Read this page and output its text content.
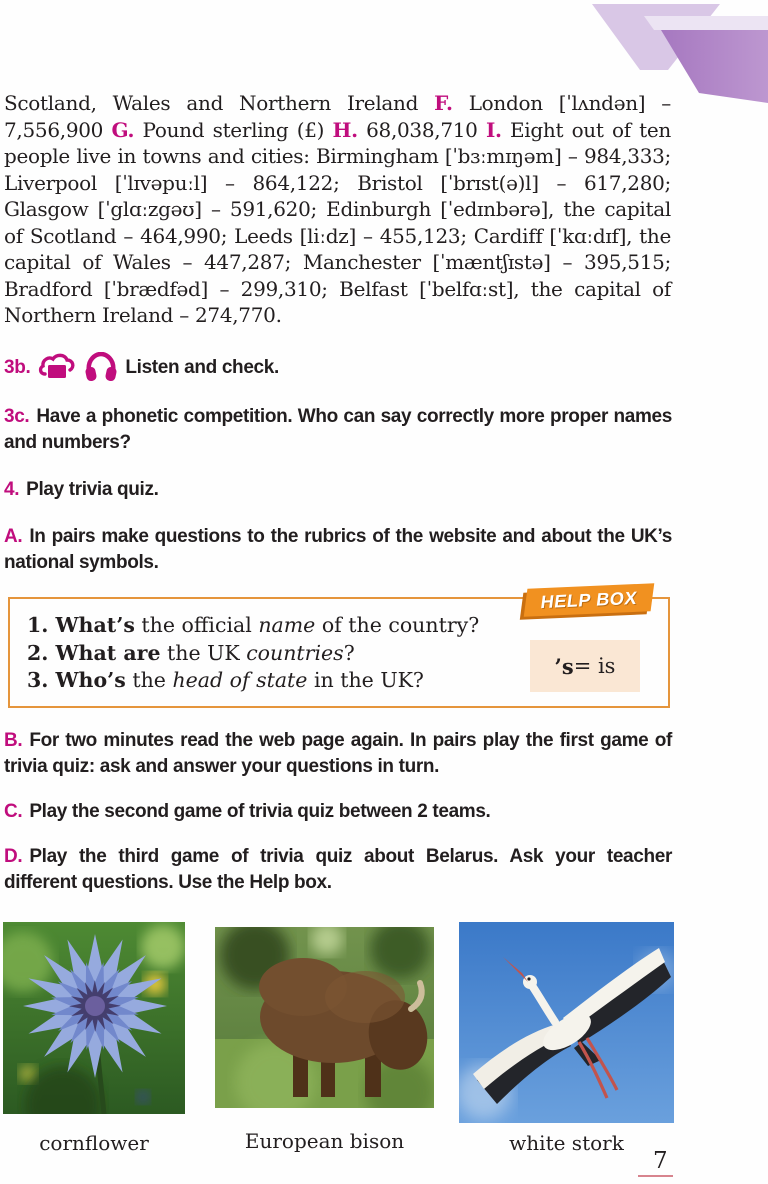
Scotland, Wales and Northern Ireland F. London [ˈlʌndən] – 7,556,900 G. Pound sterling (£) H. 68,038,710 I. Eight out of ten people live in towns and cities: Birmingham [ˈbɜːmɪŋəm] – 984,333; Liverpool [ˈlɪvəpuːl] – 864,122; Bristol [ˈbrɪst(ə)l] – 617,280; Glasgow [ˈglɑːzgəʊ] – 591,620; Edinburgh [ˈedɪnbərə], the capital of Scotland – 464,990; Leeds [liːdz] – 455,123; Cardiff [ˈkɑːdɪf], the capital of Wales – 447,287; Manchester [ˈmæntʃɪstə] – 395,515; Bradford [ˈbrædfəd] – 299,310; Belfast [ˈbelfɑːst], the capital of Northern Ireland – 274,770.
3b.	Listen and check.
3c. Have a phonetic competition. Who can say correctly more proper names and numbers?
4. Play trivia quiz.
A. In pairs make questions to the rubrics of the website and about the UK’s national symbols.
HELP BOX
1. What’s the official name of the country?
2. What are the UK countries?
3. Who’s the head of state in the UK?
’s = is
B. For two minutes read the web page again. In pairs play the first game of trivia quiz: ask and answer your questions in turn.
C. Play the second game of trivia quiz between 2 teams.
D. Play the third game of trivia quiz about Belarus. Ask your teacher different questions. Use the Help box.
cornflower	European bison	white stork
7
